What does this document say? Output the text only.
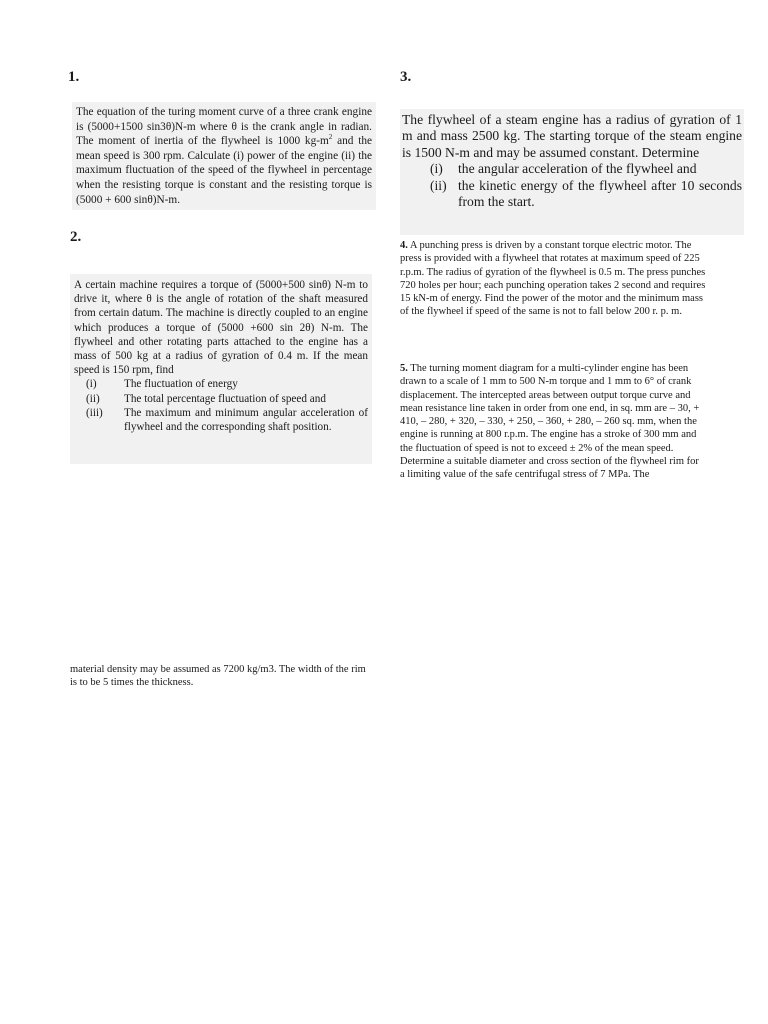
1.
The equation of the turing moment curve of a three crank engine is (5000+1500 sin3θ)N-m where θ is the crank angle in radian. The moment of inertia of the flywheel is 1000 $kg-m^2$ and the mean speed is 300 rpm. Calculate (i) power of the engine (ii) the maximum fluctuation of the speed of the flywheel in percentage when the resisting torque is constant and the resisting torque is (5000 + 600 sinθ)N-m.
2.
A certain machine requires a torque of (5000+500 sinθ) N-m to drive it, where θ is the angle of rotation of the shaft measured from certain datum. The machine is directly coupled to an engine which produces a torque of (5000 +600 sin 2θ) N-m. The flywheel and other rotating parts attached to the engine has a mass of 500 kg at a radius of gyration of 0.4 m. If the mean speed is 150 rpm, find
(i)	The fluctuation of energy
(ii)	The total percentage fluctuation of speed and
(iii)	The maximum and minimum angular acceleration of flywheel and the corresponding shaft position.
3.
The flywheel of a steam engine has a radius of gyration of 1 m and mass 2500 kg. The starting torque of the steam engine is 1500 N-m and may be assumed constant. Determine
(i)	the angular acceleration of the flywheel and
(ii) the kinetic energy of the flywheel after 10 seconds from the start.
4. A punching press is driven by a constant torque electric motor. The press is provided with a flywheel that rotates at maximum speed of 225 r.p.m. The radius of gyration of the flywheel is 0.5 m. The press punches 720 holes per hour; each punching operation takes 2 second and requires 15 kN-m of energy. Find the power of the motor and the minimum mass of the flywheel if speed of the same is not to fall below 200 r. p. m.
5. The turning moment diagram for a multi-cylinder engine has been drawn to a scale of 1 mm to 500 N-m torque and 1 mm to 6° of crank displacement. The intercepted areas between output torque curve and mean resistance line taken in order from one end, in sq. mm are – 30, + 410, – 280, + 320, – 330, + 250, – 360, + 280, – 260 sq. mm, when the engine is running at 800 r.p.m. The engine has a stroke of 300 mm and the fluctuation of speed is not to exceed ± 2% of the mean speed. Determine a suitable diameter and cross section of the flywheel rim for a limiting value of the safe centrifugal stress of 7 MPa. The
material density may be assumed as 7200 kg/m3. The width of the rim is to be 5 times the thickness.
